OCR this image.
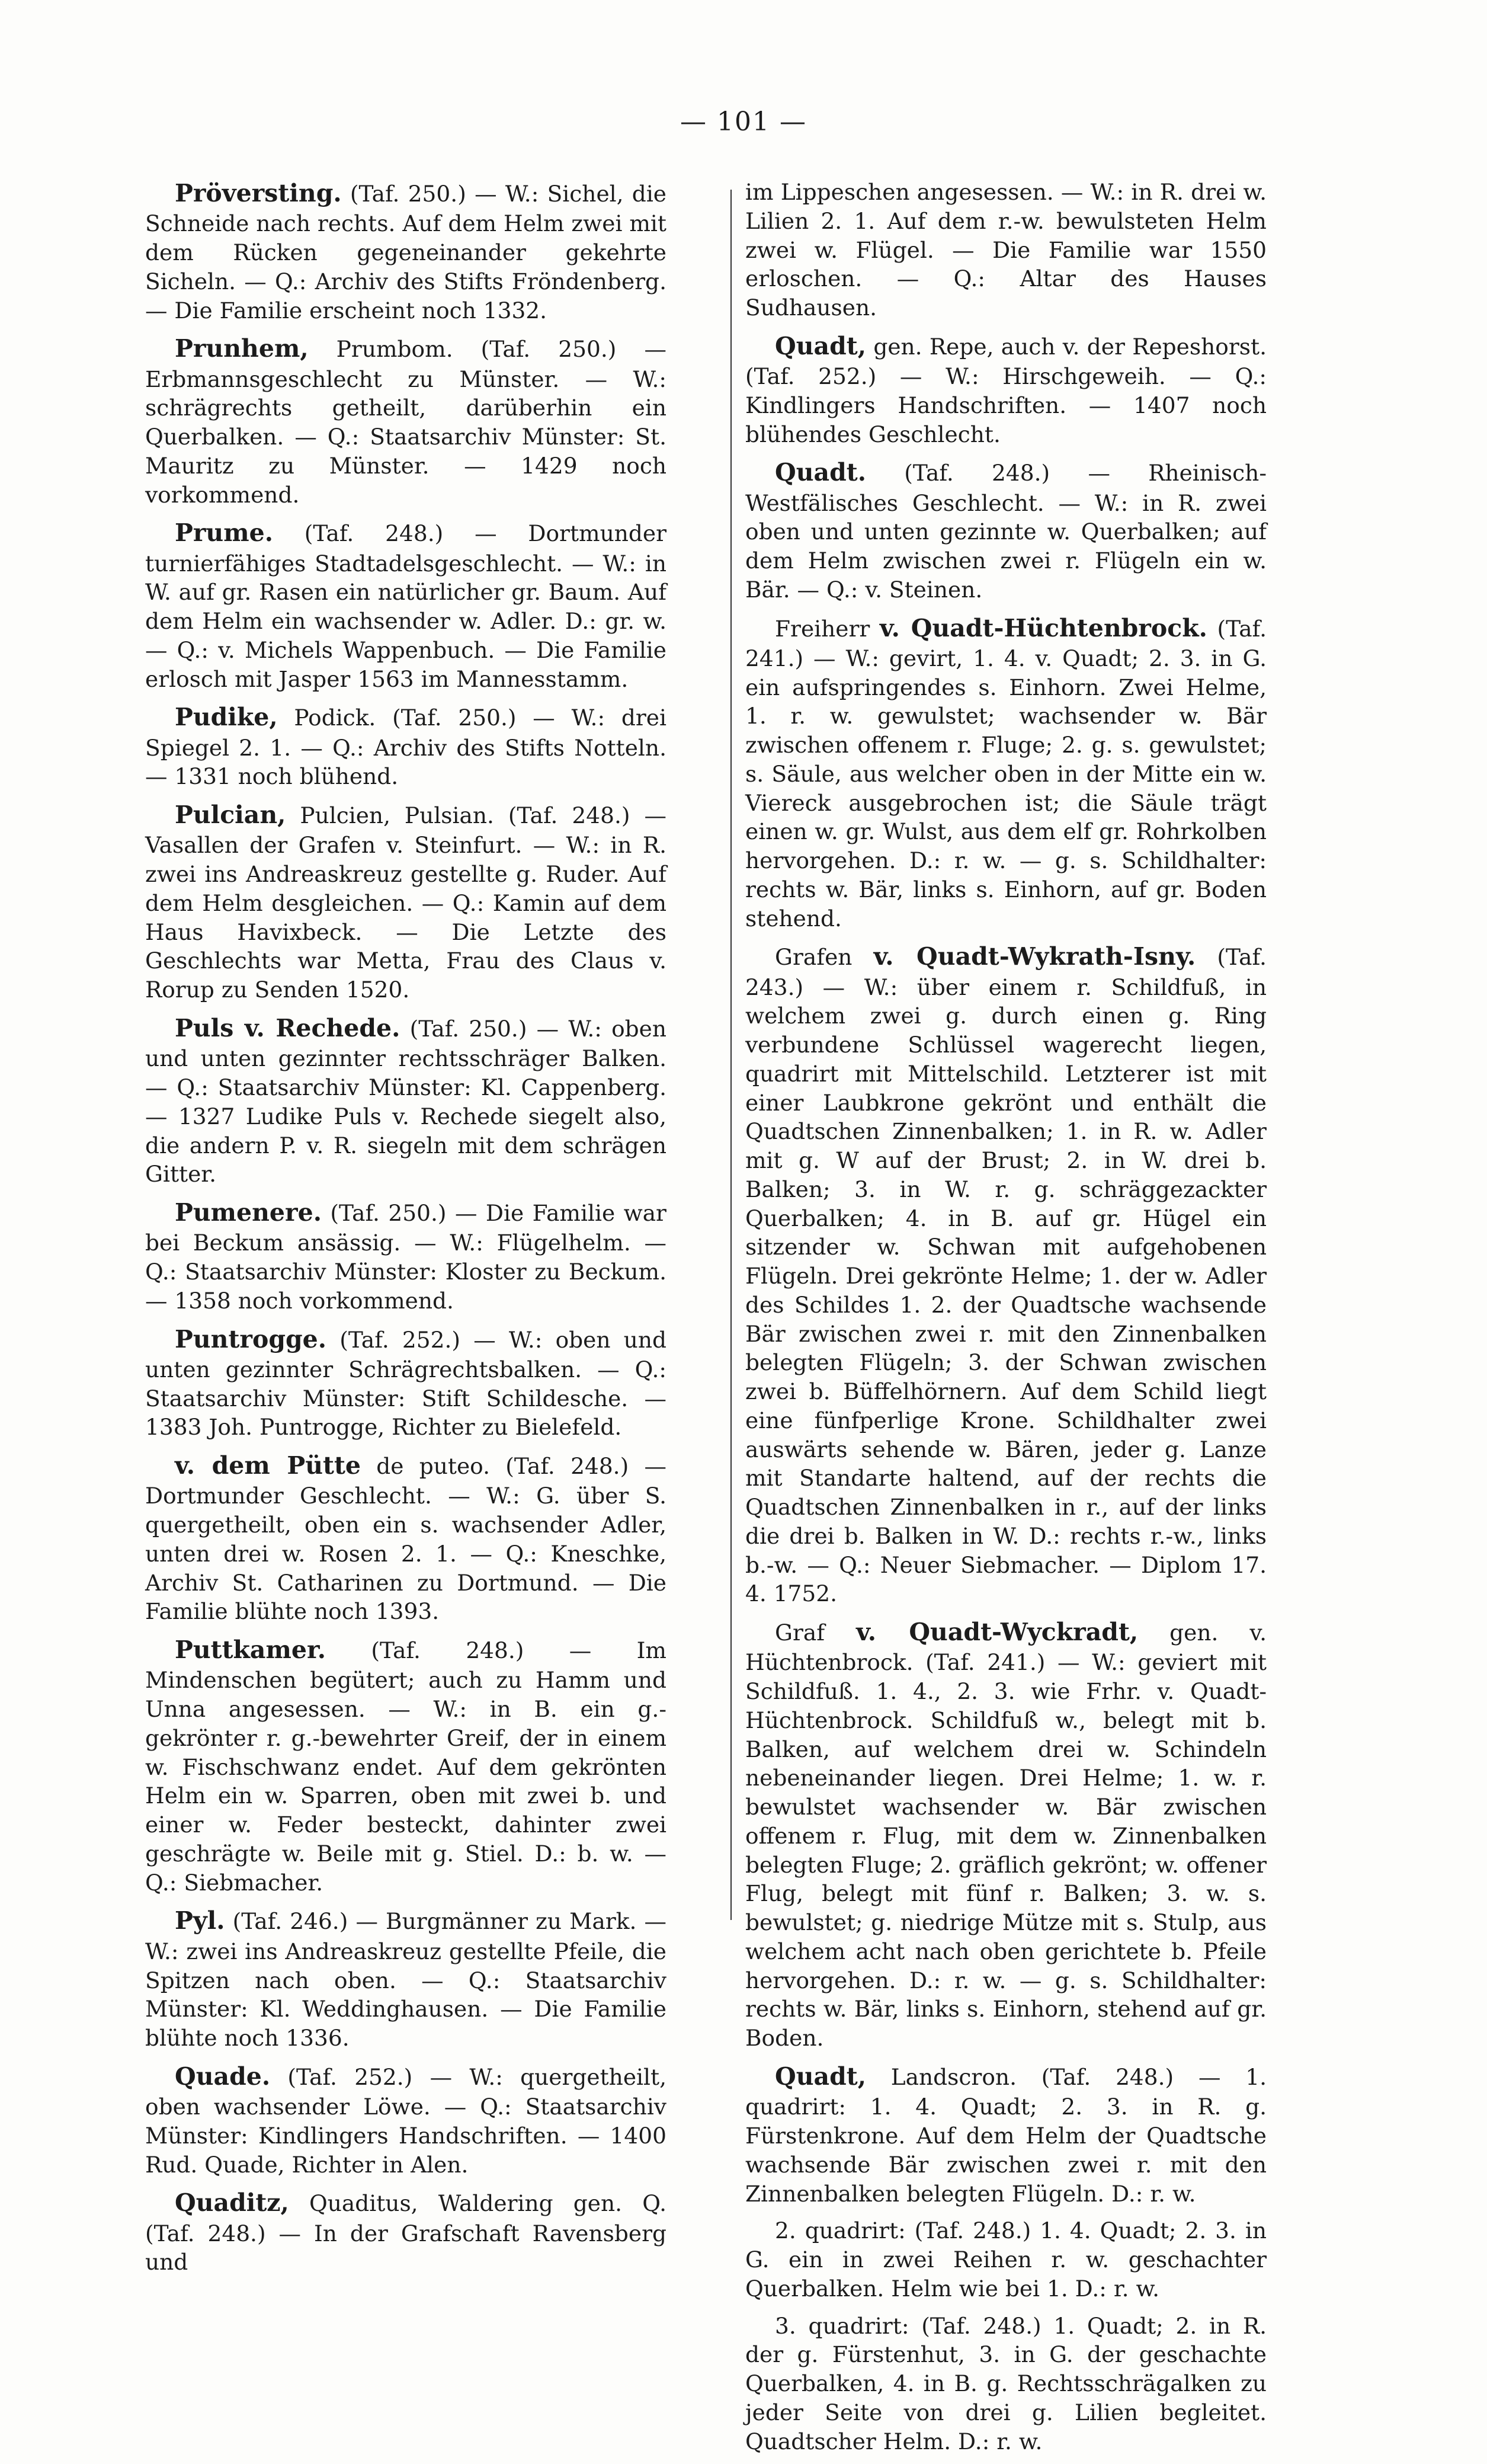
— 101 —

Pröversting. (Taf. 250.) — W.: Sichel, die Schneide nach rechts. Auf dem Helm zwei mit dem Rücken gegeneinander gekehrte Sicheln. — Q.: Archiv des Stifts Fröndenberg. — Die Familie erscheint noch 1332.

Prunhem, Prumbom. (Taf. 250.) — Erbmannsgeschlecht zu Münster. — W.: schrägrechts getheilt, darüberhin ein Querbalken. — Q.: Staatsarchiv Münster: St. Mauritz zu Münster. — 1429 noch vorkommend.

Prume. (Taf. 248.) — Dortmunder turnierfähiges Stadtadelsgeschlecht. — W.: in W. auf gr. Rasen ein natürlicher gr. Baum. Auf dem Helm ein wachsender w. Adler. D.: gr. w. — Q.: v. Michels Wappenbuch. — Die Familie erlosch mit Jasper 1563 im Mannesstamm.

Pudike, Podick. (Taf. 250.) — W.: drei Spiegel 2. 1. — Q.: Archiv des Stifts Notteln. — 1331 noch blühend.

Pulcian, Pulcien, Pulsian. (Taf. 248.) — Vasallen der Grafen v. Steinfurt. — W.: in R. zwei ins Andreaskreuz gestellte g. Ruder. Auf dem Helm desgleichen. — Q.: Kamin auf dem Haus Havixbeck. — Die Letzte des Geschlechts war Metta, Frau des Claus v. Rorup zu Senden 1520.

Puls v. Rechede. (Taf. 250.) — W.: oben und unten gezinnter rechtsschräger Balken. — Q.: Staatsarchiv Münster: Kl. Cappenberg. — 1327 Ludike Puls v. Rechede siegelt also, die andern P. v. R. siegeln mit dem schrägen Gitter.

Pumenere. (Taf. 250.) — Die Familie war bei Beckum ansässig. — W.: Flügelhelm. — Q.: Staatsarchiv Münster: Kloster zu Beckum. — 1358 noch vorkommend.

Puntrogge. (Taf. 252.) — W.: oben und unten gezinnter Schrägrechtsbalken. — Q.: Staatsarchiv Münster: Stift Schildesche. — 1383 Joh. Puntrogge, Richter zu Bielefeld.

v. dem Pütte de puteo. (Taf. 248.) — Dortmunder Geschlecht. — W.: G. über S. quergetheilt, oben ein s. wachsender Adler, unten drei w. Rosen 2. 1. — Q.: Kneschke, Archiv St. Catharinen zu Dortmund. — Die Familie blühte noch 1393.

Puttkamer. (Taf. 248.) — Im Mindenschen begütert; auch zu Hamm und Unna angesessen. — W.: in B. ein g.-gekrönter r. g.-bewehrter Greif, der in einem w. Fischschwanz endet. Auf dem gekrönten Helm ein w. Sparren, oben mit zwei b. und einer w. Feder besteckt, dahinter zwei geschrägte w. Beile mit g. Stiel. D.: b. w. — Q.: Siebmacher.

Pyl. (Taf. 246.) — Burgmänner zu Mark. — W.: zwei ins Andreaskreuz gestellte Pfeile, die Spitzen nach oben. — Q.: Staatsarchiv Münster: Kl. Weddinghausen. — Die Familie blühte noch 1336.

Quade. (Taf. 252.) — W.: quergetheilt, oben wachsender Löwe. — Q.: Staatsarchiv Münster: Kindlingers Handschriften. — 1400 Rud. Quade, Richter in Alen.

Quaditz, Quaditus, Waldering gen. Q. (Taf. 248.) — In der Grafschaft Ravensberg und

im Lippeschen angesessen. — W.: in R. drei w. Lilien 2. 1. Auf dem r.-w. bewulsteten Helm zwei w. Flügel. — Die Familie war 1550 erloschen. — Q.: Altar des Hauses Sudhausen.

Quadt, gen. Repe, auch v. der Repeshorst. (Taf. 252.) — W.: Hirschgeweih. — Q.: Kindlingers Handschriften. — 1407 noch blühendes Geschlecht.

Quadt. (Taf. 248.) — Rheinisch-Westfälisches Geschlecht. — W.: in R. zwei oben und unten gezinnte w. Querbalken; auf dem Helm zwischen zwei r. Flügeln ein w. Bär. — Q.: v. Steinen.

Freiherr v. Quadt-Hüchtenbrock. (Taf. 241.) — W.: gevirt, 1. 4. v. Quadt; 2. 3. in G. ein aufspringendes s. Einhorn. Zwei Helme, 1. r. w. gewulstet; wachsender w. Bär zwischen offenem r. Fluge; 2. g. s. gewulstet; s. Säule, aus welcher oben in der Mitte ein w. Viereck ausgebrochen ist; die Säule trägt einen w. gr. Wulst, aus dem elf gr. Rohrkolben hervorgehen. D.: r. w. — g. s. Schildhalter: rechts w. Bär, links s. Einhorn, auf gr. Boden stehend.

Grafen v. Quadt-Wykrath-Isny. (Taf. 243.) — W.: über einem r. Schildfuß, in welchem zwei g. durch einen g. Ring verbundene Schlüssel wagerecht liegen, quadrirt mit Mittelschild. Letzterer ist mit einer Laubkrone gekrönt und enthält die Quadtschen Zinnenbalken; 1. in R. w. Adler mit g. W auf der Brust; 2. in W. drei b. Balken; 3. in W. r. g. schräggezackter Querbalken; 4. in B. auf gr. Hügel ein sitzender w. Schwan mit aufgehobenen Flügeln. Drei gekrönte Helme; 1. der w. Adler des Schildes 1. 2. der Quadtsche wachsende Bär zwischen zwei r. mit den Zinnenbalken belegten Flügeln; 3. der Schwan zwischen zwei b. Büffelhörnern. Auf dem Schild liegt eine fünfperlige Krone. Schildhalter zwei auswärts sehende w. Bären, jeder g. Lanze mit Standarte haltend, auf der rechts die Quadtschen Zinnenbalken in r., auf der links die drei b. Balken in W. D.: rechts r.-w., links b.-w. — Q.: Neuer Siebmacher. — Diplom 17. 4. 1752.

Graf v. Quadt-Wyckradt, gen. v. Hüchtenbrock. (Taf. 241.) — W.: geviert mit Schildfuß. 1. 4., 2. 3. wie Frhr. v. Quadt-Hüchtenbrock. Schildfuß w., belegt mit b. Balken, auf welchem drei w. Schindeln nebeneinander liegen. Drei Helme; 1. w. r. bewulstet wachsender w. Bär zwischen offenem r. Flug, mit dem w. Zinnenbalken belegten Fluge; 2. gräflich gekrönt; w. offener Flug, belegt mit fünf r. Balken; 3. w. s. bewulstet; g. niedrige Mütze mit s. Stulp, aus welchem acht nach oben gerichtete b. Pfeile hervorgehen. D.: r. w. — g. s. Schildhalter: rechts w. Bär, links s. Einhorn, stehend auf gr. Boden.

Quadt, Landscron. (Taf. 248.) — 1. quadrirt: 1. 4. Quadt; 2. 3. in R. g. Fürstenkrone. Auf dem Helm der Quadtsche wachsende Bär zwischen zwei r. mit den Zinnenbalken belegten Flügeln. D.: r. w.

2. quadrirt: (Taf. 248.) 1. 4. Quadt; 2. 3. in G. ein in zwei Reihen r. w. geschachter Querbalken. Helm wie bei 1. D.: r. w.

3. quadrirt: (Taf. 248.) 1. Quadt; 2. in R. der g. Fürstenhut, 3. in G. der geschachte Querbalken, 4. in B. g. Rechtsschrägalken zu jeder Seite von drei g. Lilien begleitet. Quadtscher Helm. D.: r. w.
